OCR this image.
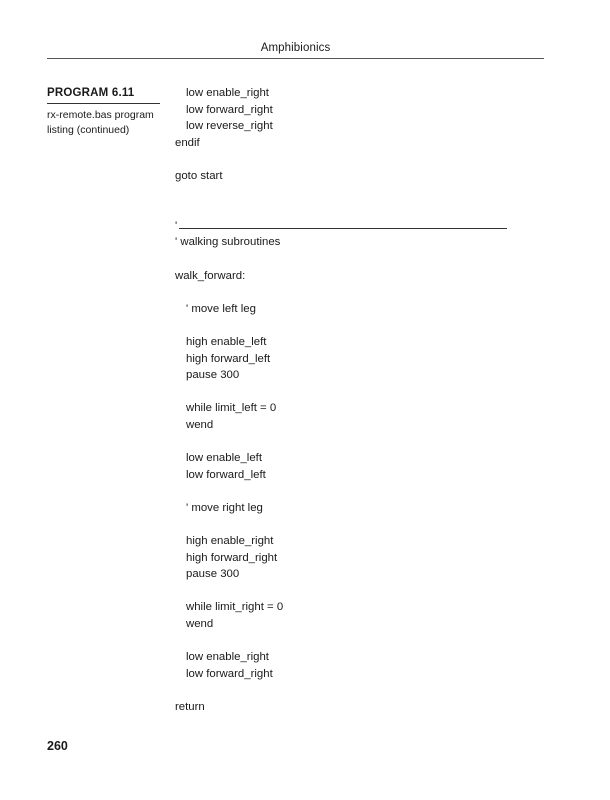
Amphibionics
PROGRAM 6.11
rx-remote.bas program
listing (continued)
low enable_right
low forward_right
low reverse_right
endif
goto start
'
' walking subroutines
walk_forward:
' move left leg
high enable_left
high forward_left
pause 300
while limit_left = 0
wend
low enable_left
low forward_left
' move right leg
high enable_right
high forward_right
pause 300
while limit_right = 0
wend
low enable_right
low forward_right
return
260
